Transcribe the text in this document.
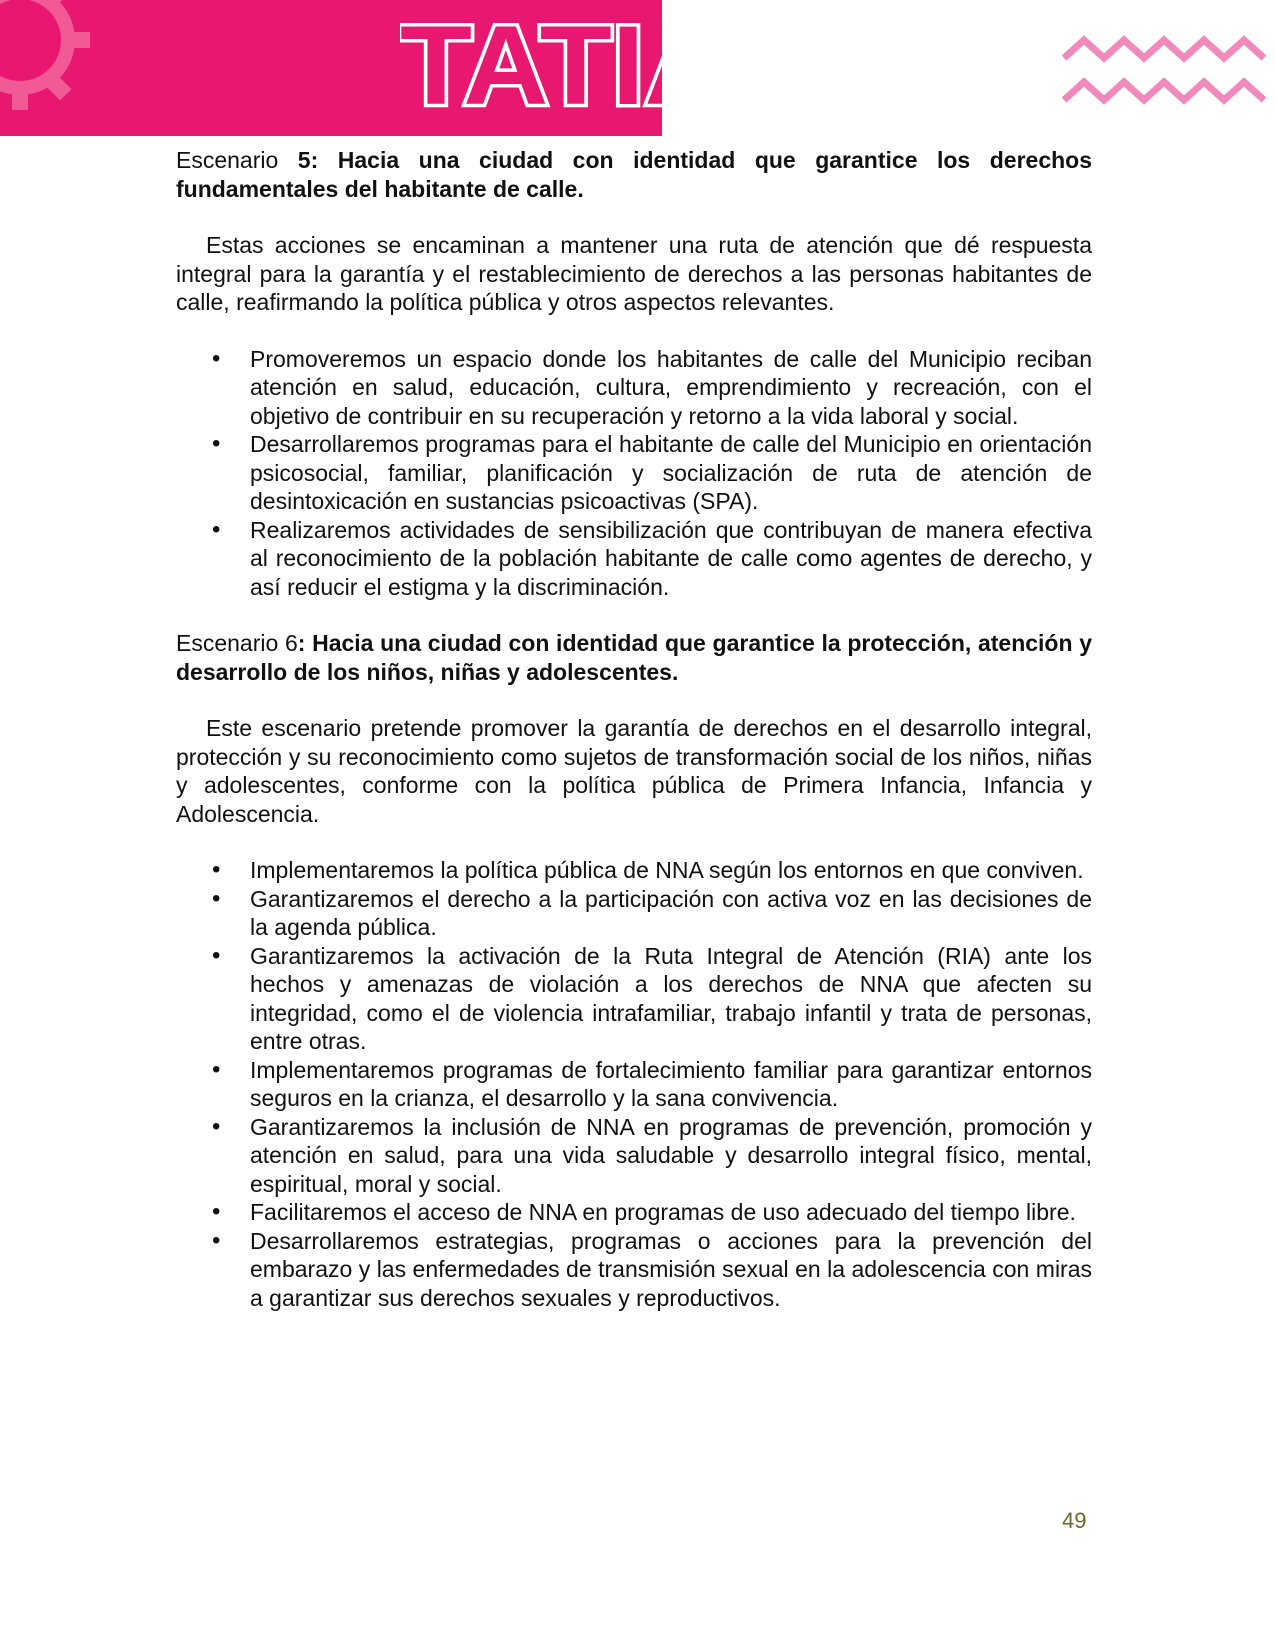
TATIANA

Escenario 5: Hacia una ciudad con identidad que garantice los derechos fundamentales del habitante de calle.

Estas acciones se encaminan a mantener una ruta de atención que dé respuesta integral para la garantía y el restablecimiento de derechos a las personas habitantes de calle, reafirmando la política pública y otros aspectos relevantes.

• Promoveremos un espacio donde los habitantes de calle del Municipio reciban atención en salud, educación, cultura, emprendimiento y recreación, con el objetivo de contribuir en su recuperación y retorno a la vida laboral y social.
• Desarrollaremos programas para el habitante de calle del Municipio en orientación psicosocial, familiar, planificación y socialización de ruta de atención de desintoxicación en sustancias psicoactivas (SPA).
• Realizaremos actividades de sensibilización que contribuyan de manera efectiva al reconocimiento de la población habitante de calle como agentes de derecho, y así reducir el estigma y la discriminación.

Escenario 6: Hacia una ciudad con identidad que garantice la protección, atención y desarrollo de los niños, niñas y adolescentes.

Este escenario pretende promover la garantía de derechos en el desarrollo integral, protección y su reconocimiento como sujetos de transformación social de los niños, niñas y adolescentes, conforme con la política pública de Primera Infancia, Infancia y Adolescencia.

• Implementaremos la política pública de NNA según los entornos en que conviven.
• Garantizaremos el derecho a la participación con activa voz en las decisiones de la agenda pública.
• Garantizaremos la activación de la Ruta Integral de Atención (RIA) ante los hechos y amenazas de violación a los derechos de NNA que afecten su integridad, como el de violencia intrafamiliar, trabajo infantil y trata de personas, entre otras.
• Implementaremos programas de fortalecimiento familiar para garantizar entornos seguros en la crianza, el desarrollo y la sana convivencia.
• Garantizaremos la inclusión de NNA en programas de prevención, promoción y atención en salud, para una vida saludable y desarrollo integral físico, mental, espiritual, moral y social.
• Facilitaremos el acceso de NNA en programas de uso adecuado del tiempo libre.
• Desarrollaremos estrategias, programas o acciones para la prevención del embarazo y las enfermedades de transmisión sexual en la adolescencia con miras a garantizar sus derechos sexuales y reproductivos.
49
